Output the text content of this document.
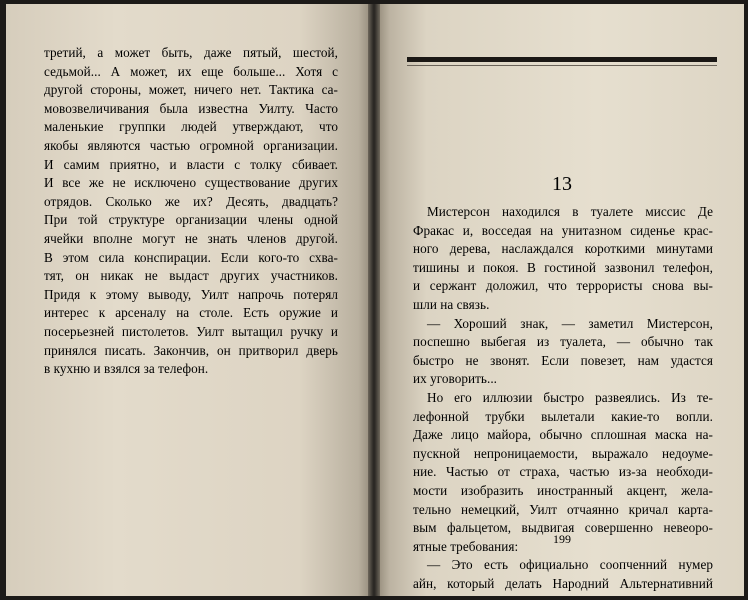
третий, а может быть, даже пятый, шестой,
седьмой... А может, их еще больше... Хотя с
другой стороны, может, ничего нет. Тактика са-
мовозвеличивания была известна Уилту. Часто
маленькие группки людей утверждают, что
якобы являются частью огромной организации.
И самим приятно, и власти с толку сбивает.
И все же не исключено существование других
отрядов. Сколько же их? Десять, двадцать?
При той структуре организации члены одной
ячейки вполне могут не знать членов другой.
В этом сила конспирации. Если кого-то схва-
тят, он никак не выдаст других участников.
Придя к этому выводу, Уилт напрочь потерял
интерес к арсеналу на столе. Есть оружие и
посерьезней пистолетов. Уилт вытащил ручку и
принялся писать. Закончив, он притворил дверь
в кухню и взялся за телефон.
13
Мистерсон находился в туалете миссис Де
Фракас и, восседая на унитазном сиденье крас-
ного дерева, наслаждался короткими минутами
тишины и покоя. В гостиной зазвонил телефон,
и сержант доложил, что террористы снова вы-
шли на связь.
— Хороший знак, — заметил Мистерсон,
поспешно выбегая из туалета, — обычно так
быстро не звонят. Если повезет, нам удастся
их уговорить...
Но его иллюзии быстро развеялись. Из те-
лефонной трубки вылетали какие-то вопли.
Даже лицо майора, обычно сплошная маска на-
пускной непроницаемости, выражало недоуме-
ние. Частью от страха, частью из-за необходи-
мости изобразить иностранный акцент, жела-
тельно немецкий, Уилт отчаянно кричал карта-
вым фальцетом, выдвигая совершенно невеоро-
ятные требования:
— Это есть официально соопченний нумер
айн, который делать Народний Альтернативний
199
